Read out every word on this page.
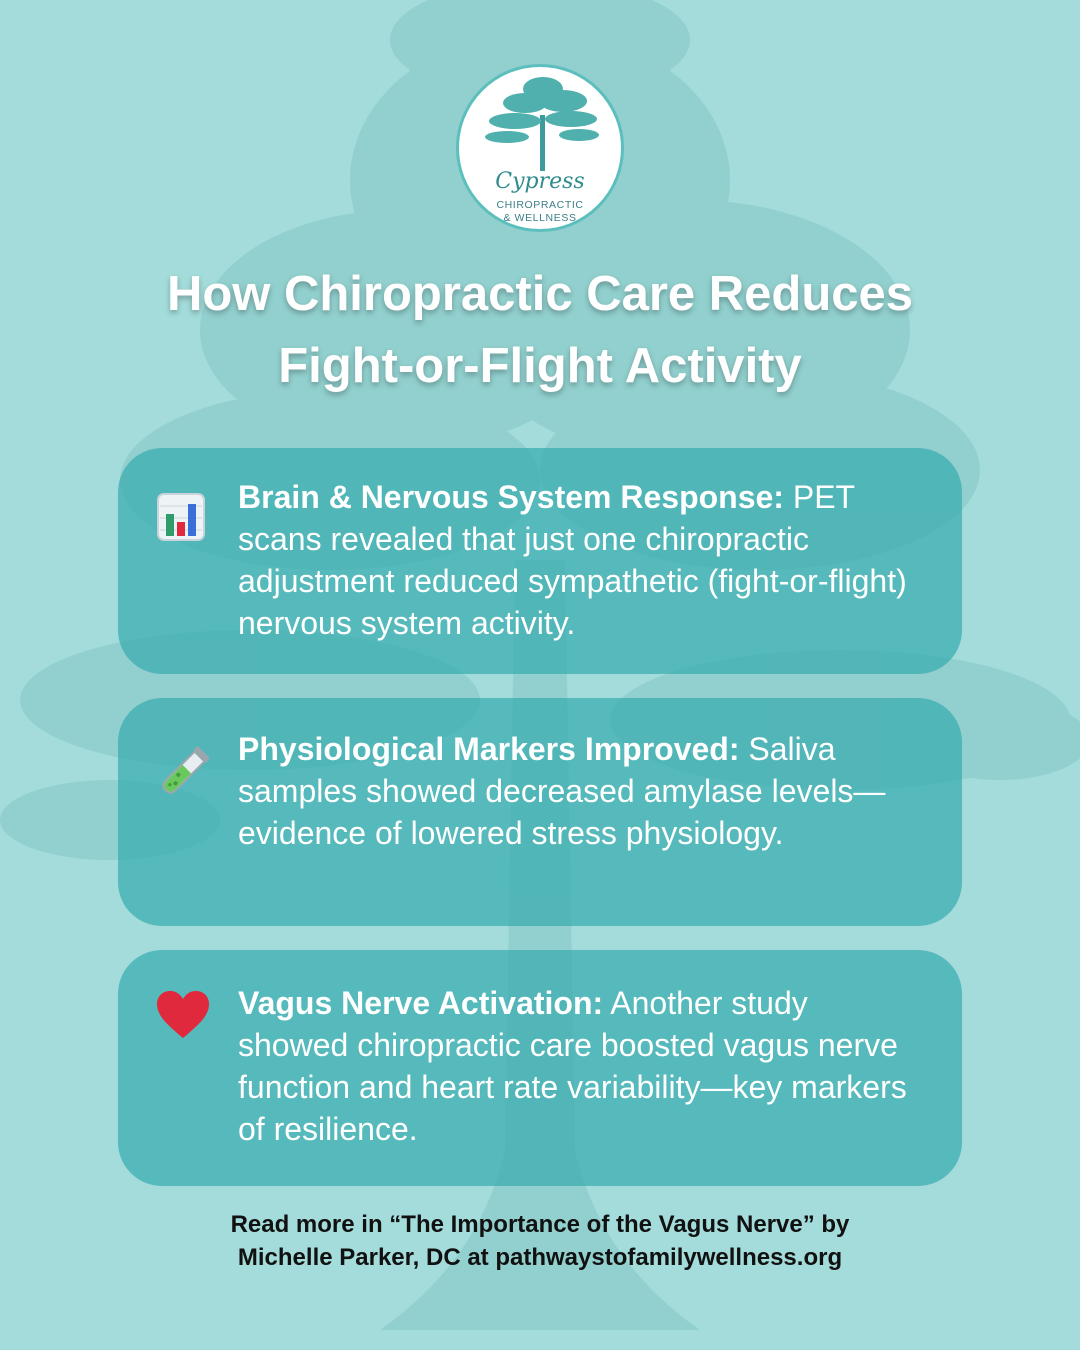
Cypress
CHIROPRACTIC
& WELLNESS
How Chiropractic Care Reduces
Fight-or-Flight Activity

Brain & Nervous System Response: PET scans revealed that just one chiropractic adjustment reduced sympathetic (fight-or-flight) nervous system activity.

Physiological Markers Improved: Saliva samples showed decreased amylase levels—evidence of lowered stress physiology.

Vagus Nerve Activation: Another study showed chiropractic care boosted vagus nerve function and heart rate variability—key markers of resilience.

Read more in “The Importance of the Vagus Nerve” by
Michelle Parker, DC at pathwaystofamilywellness.org
